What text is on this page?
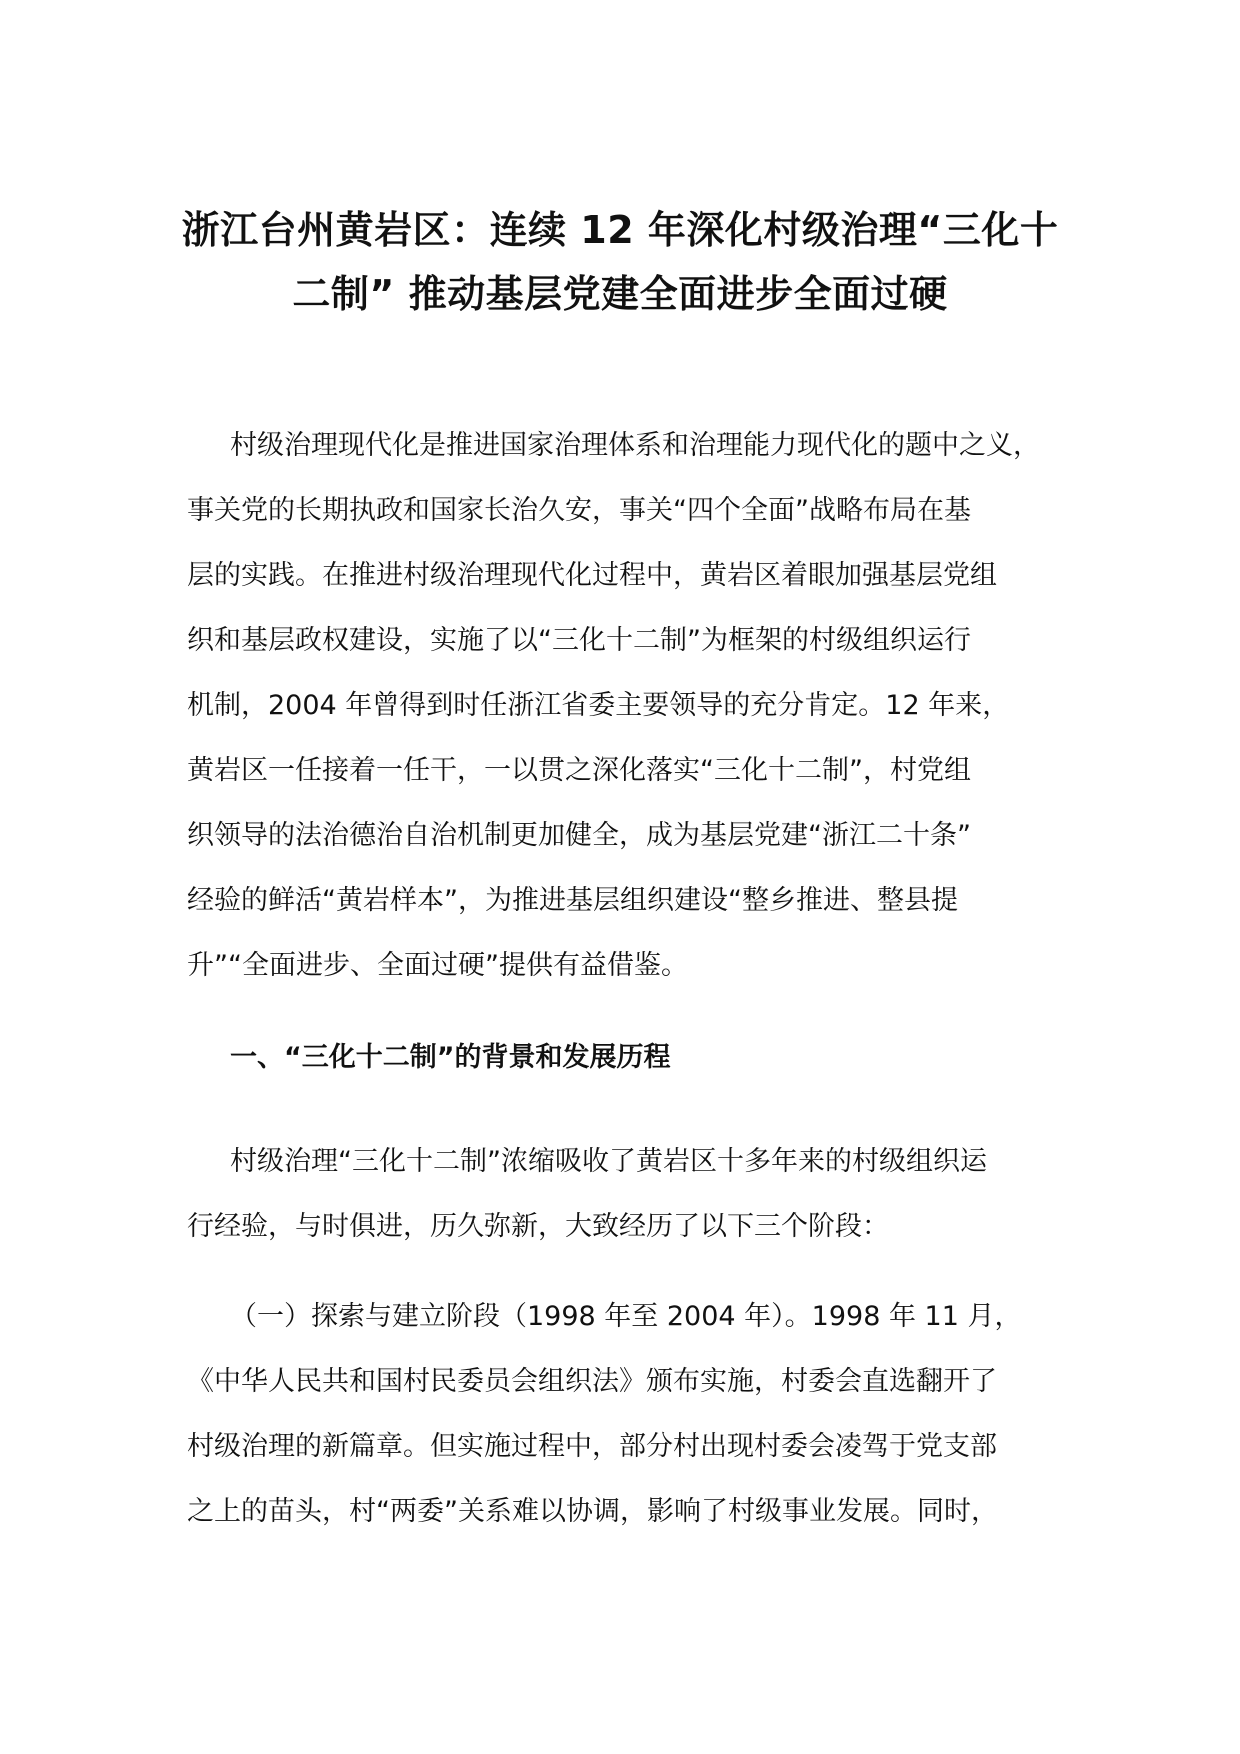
浙江台州黄岩区：连续 12 年深化村级治理“三化十
二制” 推动基层党建全面进步全面过硬
村级治理现代化是推进国家治理体系和治理能力现代化的题中之义，
事关党的长期执政和国家长治久安，事关“四个全面”战略布局在基
层的实践。在推进村级治理现代化过程中，黄岩区着眼加强基层党组
织和基层政权建设，实施了以“三化十二制”为框架的村级组织运行
机制，2004 年曾得到时任浙江省委主要领导的充分肯定。12 年来，
黄岩区一任接着一任干，一以贯之深化落实“三化十二制”，村党组
织领导的法治德治自治机制更加健全，成为基层党建“浙江二十条”
经验的鲜活“黄岩样本”，为推进基层组织建设“整乡推进、整县提
升”“全面进步、全面过硬”提供有益借鉴。
一、“三化十二制”的背景和发展历程
村级治理“三化十二制”浓缩吸收了黄岩区十多年来的村级组织运
行经验，与时俱进，历久弥新，大致经历了以下三个阶段：
（一）探索与建立阶段（1998 年至 2004 年）。1998 年 11 月，
《中华人民共和国村民委员会组织法》颁布实施，村委会直选翻开了
村级治理的新篇章。但实施过程中，部分村出现村委会凌驾于党支部
之上的苗头，村“两委”关系难以协调，影响了村级事业发展。同时，
